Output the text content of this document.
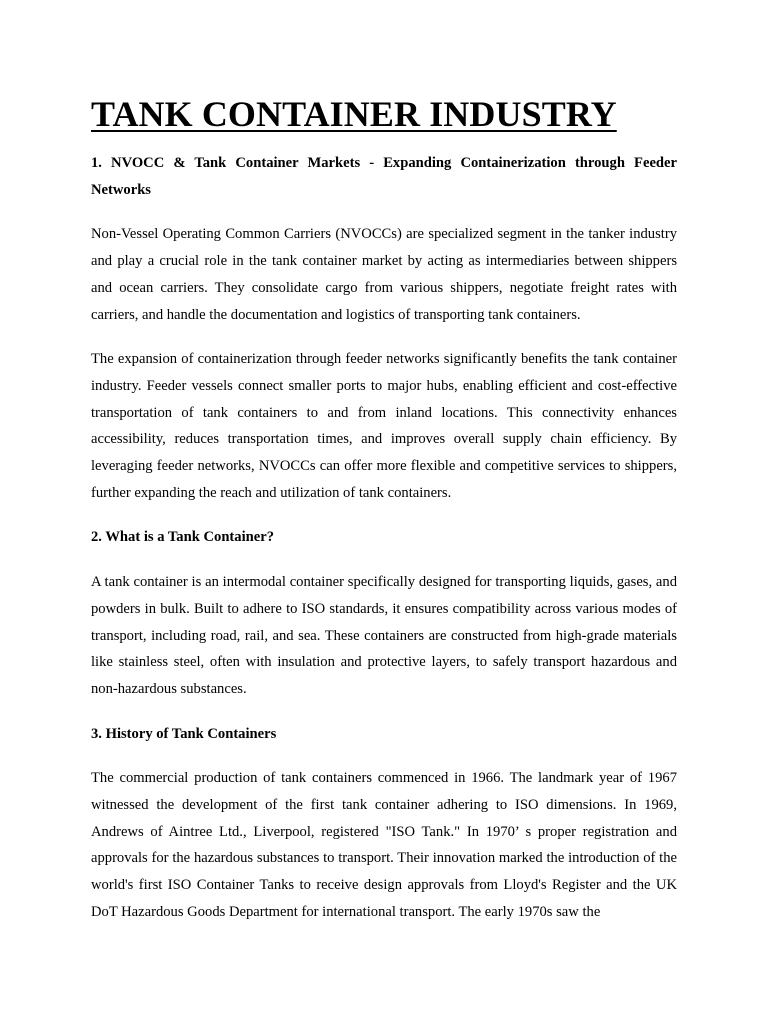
TANK CONTAINER INDUSTRY
1. NVOCC & Tank Container Markets - Expanding Containerization through Feeder Networks

Non-Vessel Operating Common Carriers (NVOCCs) are specialized segment in the tanker industry and play a crucial role in the tank container market by acting as intermediaries between shippers and ocean carriers. They consolidate cargo from various shippers, negotiate freight rates with carriers, and handle the documentation and logistics of transporting tank containers.

The expansion of containerization through feeder networks significantly benefits the tank container industry. Feeder vessels connect smaller ports to major hubs, enabling efficient and cost-effective transportation of tank containers to and from inland locations. This connectivity enhances accessibility, reduces transportation times, and improves overall supply chain efficiency. By leveraging feeder networks, NVOCCs can offer more flexible and competitive services to shippers, further expanding the reach and utilization of tank containers.

2. What is a Tank Container?

A tank container is an intermodal container specifically designed for transporting liquids, gases, and powders in bulk. Built to adhere to ISO standards, it ensures compatibility across various modes of transport, including road, rail, and sea. These containers are constructed from high-grade materials like stainless steel, often with insulation and protective layers, to safely transport hazardous and non-hazardous substances.

3. History of Tank Containers

The commercial production of tank containers commenced in 1966. The landmark year of 1967 witnessed the development of the first tank container adhering to ISO dimensions. In 1969, Andrews of Aintree Ltd., Liverpool, registered "ISO Tank." In 1970’ s proper registration and approvals for the hazardous substances to transport. Their innovation marked the introduction of the world's first ISO Container Tanks to receive design approvals from Lloyd's Register and the UK DoT Hazardous Goods Department for international transport. The early 1970s saw the
